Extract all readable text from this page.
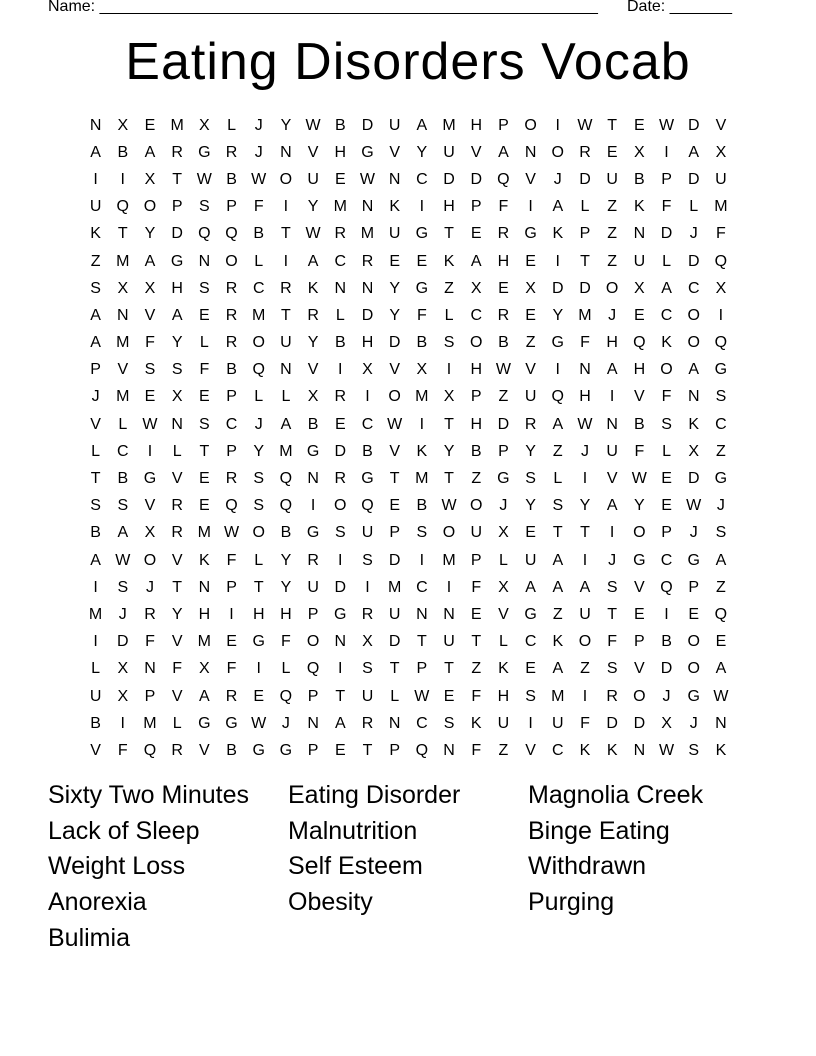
Name: ________________________________________________________ Date: _______
Eating Disorders Vocab
N	X	E M X	L	J	Y W B	D U	A M H	P O	I	W T	E W D	V
A	B	A	R G R	J	N	V	H G V	Y	U	V	A	N O R	E	X	I	A	X
I	I	X	T W B W O U	E W N C D D Q V	J	D U	B	P	D U
U Q O P	S	P	F	I	Y M N	K	I	H	P	F	I	A	L	Z	K	F	L	M
K	T	Y	D Q Q B	T W R M U G	T	E	R G K	P	Z	N D	J	F
Z M A G N O	L	I	A	C R	E	E	K	A	H	E	I	T	Z	U	L	D Q
S	X	X	H	S	R C R	K	N N	Y G	Z	X	E	X	D D O X	A	C	X
A	N	V	A	E	R M T	R	L	D	Y	F	L	C R	E	Y M	J	E	C O	I
A M F	Y	L	R O U	Y	B	H D	B	S O B	Z	G	F	H Q K O Q
P	V	S	S	F	B Q N	V	I	X	V	X	I	H W V	I	N	A	H O A G
J	M E	X	E	P	L	L	X	R	I	O M X	P	Z	U Q H	I	V	F	N	S
V	L W N	S	C	J	A	B	E	C W	I	T	H D R	A W N	B	S	K	C
L	C	I	L	T	P	Y M G D	B	V	K	Y	B	P	Y	Z	J	U	F	L	X	Z
T	B G V	E	R	S Q N R G	T M T	Z	G S	L	I	V W E	D G
S	S	V	R	E Q S Q	I	O Q E	B W O	J	Y	S	Y	A	Y	E W J
B	A	X	R M W O B G S	U	P	S O U	X	E	T	T	I	O P	J	S
A W O V	K	F	L	Y	R	I	S	D	I	M P	L	U	A	I	J	G C G A
I	S	J	T	N	P	T	Y	U D	I	M C	I	F	X	A	A	A	S	V Q P	Z
M	J	R	Y	H	I	H H	P G R U N N	E	V G	Z	U	T	E	I	E Q
I	D	F	V M E G	F	O N	X	D	T	U	T	L	C	K O	F	P	B O E
L	X	N	F	X	F	I	L	Q	I	S	T	P	T	Z	K	E	A	Z	S	V	D O A
U	X	P	V	A	R	E Q P	T	U	L W E	F	H	S M	I	R O	J	G W
B	I	M	L	G G W J	N	A	R N C	S	K	U	I	U	F	D D	X	J	N
V	F	Q R	V	B G G P	E	T	P Q N	F	Z	V	C	K	K	N W S	K
Sixty Two Minutes	Eating Disorder	Magnolia Creek
Lack of Sleep	Malnutrition	Binge Eating
Weight Loss	Self Esteem	Withdrawn
Anorexia	Obesity	Purging
Bulimia
